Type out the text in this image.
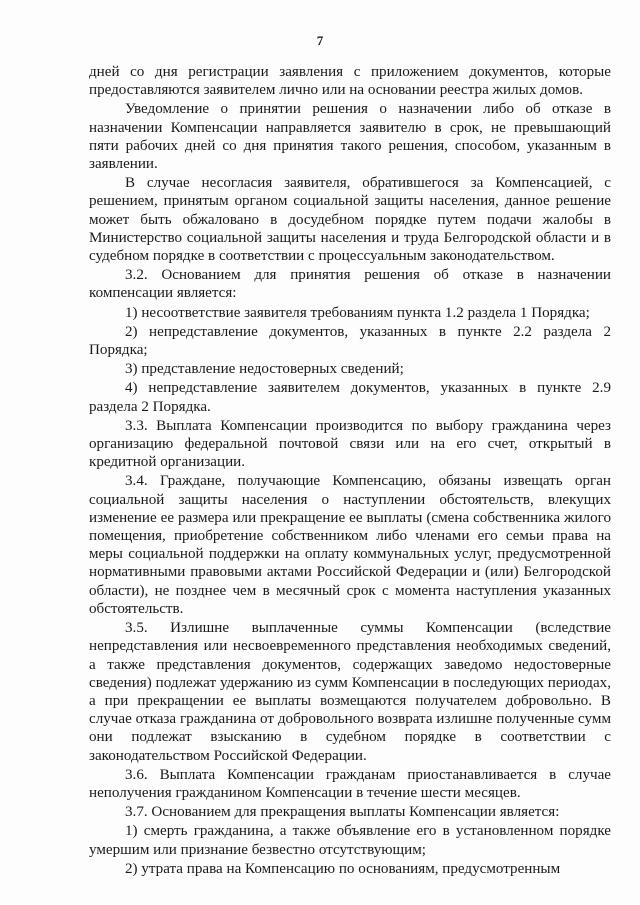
7

дней со дня регистрации заявления с приложением документов, которые предоставляются заявителем лично или на основании реестра жилых домов.

Уведомление о принятии решения о назначении либо об отказе в назначении Компенсации направляется заявителю в срок, не превышающий пяти рабочих дней со дня принятия такого решения, способом, указанным в заявлении.

В случае несогласия заявителя, обратившегося за Компенсацией, с решением, принятым органом социальной защиты населения, данное решение может быть обжаловано в досудебном порядке путем подачи жалобы в Министерство социальной защиты населения и труда Белгородской области и в судебном порядке в соответствии с процессуальным законодательством.

3.2. Основанием для принятия решения об отказе в назначении компенсации является:

1) несоответствие заявителя требованиям пункта 1.2 раздела 1 Порядка;

2) непредставление документов, указанных в пункте 2.2 раздела 2 Порядка;

3) представление недостоверных сведений;

4) непредставление заявителем документов, указанных в пункте 2.9 раздела 2 Порядка.

3.3. Выплата Компенсации производится по выбору гражданина через организацию федеральной почтовой связи или на его счет, открытый в кредитной организации.

3.4. Граждане, получающие Компенсацию, обязаны извещать орган социальной защиты населения о наступлении обстоятельств, влекущих изменение ее размера или прекращение ее выплаты (смена собственника жилого помещения, приобретение собственником либо членами его семьи права на меры социальной поддержки на оплату коммунальных услуг, предусмотренной нормативными правовыми актами Российской Федерации и (или) Белгородской области), не позднее чем в месячный срок с момента наступления указанных обстоятельств.

3.5. Излишне выплаченные суммы Компенсации (вследствие непредставления или несвоевременного представления необходимых сведений, а также представления документов, содержащих заведомо недостоверные сведения) подлежат удержанию из сумм Компенсации в последующих периодах, а при прекращении ее выплаты возмещаются получателем добровольно. В случае отказа гражданина от добровольного возврата излишне полученные сумм они подлежат взысканию в судебном порядке в соответствии с законодательством Российской Федерации.

3.6. Выплата Компенсации гражданам приостанавливается в случае неполучения гражданином Компенсации в течение шести месяцев.

3.7. Основанием для прекращения выплаты Компенсации является:

1) смерть гражданина, а также объявление его в установленном порядке умершим или признание безвестно отсутствующим;

2) утрата права на Компенсацию по основаниям, предусмотренным
